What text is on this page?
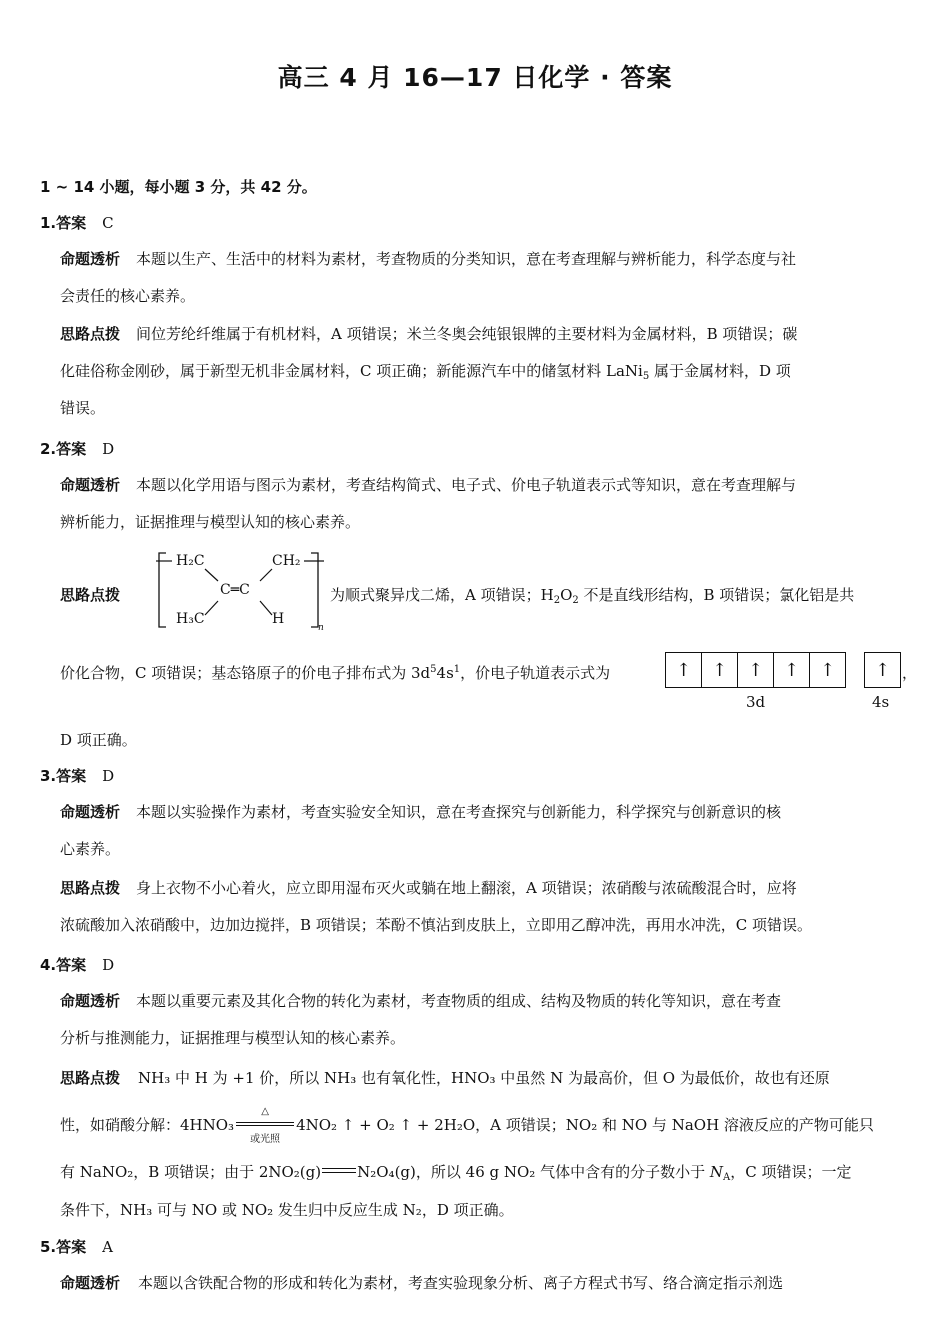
高三 4 月 16—17 日化学 · 答案
1 ~ 14 小题，每小题 3 分，共 42 分。
1.答案 C
命题透析 本题以生产、生活中的材料为素材，考查物质的分类知识，意在考查理解与辨析能力，科学态度与社
会责任的核心素养。
思路点拨 间位芳纶纤维属于有机材料，A 项错误；米兰冬奥会纯银银牌的主要材料为金属材料，B 项错误；碳
化硅俗称金刚砂，属于新型无机非金属材料，C 项正确；新能源汽车中的储氢材料 LaNi$_5$ 属于金属材料，D 项
错误。
2.答案 D
命题透析 本题以化学用语与图示为素材，考查结构简式、电子式、价电子轨道表示式等知识，意在考查理解与
辨析能力，证据推理与模型认知的核心素养。
思路点拨
H₂C	CH₂
C═C
H₃C	H
n
为顺式聚异戊二烯，A 项错误；$H_2O_2$ 不是直线形结构，B 项错误；氯化铝是共
价化合物，C 项错误；基态铬原子的价电子排布式为 $3d^54s^1$，价电子轨道表示式为	↑	↑	↑	↑	↑	↑ ，
3d	4s
D 项正确。
3.答案 D
命题透析 本题以实验操作为素材，考查实验安全知识，意在考查探究与创新能力，科学探究与创新意识的核
心素养。
思路点拨 身上衣物不小心着火，应立即用湿布灭火或躺在地上翻滚，A 项错误；浓硝酸与浓硫酸混合时，应将
浓硫酸加入浓硝酸中，边加边搅拌，B 项错误；苯酚不慎沾到皮肤上，立即用乙醇冲洗，再用水冲洗，C 项错误。
4.答案 D
命题透析 本题以重要元素及其化合物的转化为素材，考查物质的组成、结构及物质的转化等知识，意在考查
分析与推测能力，证据推理与模型认知的核心素养。
思路点拨 NH₃ 中 H 为 +1 价，所以 NH₃ 也有氧化性，HNO₃ 中虽然 N 为最高价，但 O 为最低价，故也有还原
性，如硝酸分解：4HNO₃
△
或光照
4NO₂ ↑ + O₂ ↑ + 2H₂O，A 项错误；NO₂ 和 NO 与 NaOH 溶液反应的产物可能只
有 NaNO₂，B 项错误；由于 2NO₂(g) N₂O₄(g)，所以 46 g NO₂ 气体中含有的分子数小于 $N_A$，C 项错误；一定
条件下，NH₃ 可与 NO 或 NO₂ 发生归中反应生成 N₂，D 项正确。
5.答案 A
命题透析 本题以含铁配合物的形成和转化为素材，考查实验现象分析、离子方程式书写、络合滴定指示剂选
